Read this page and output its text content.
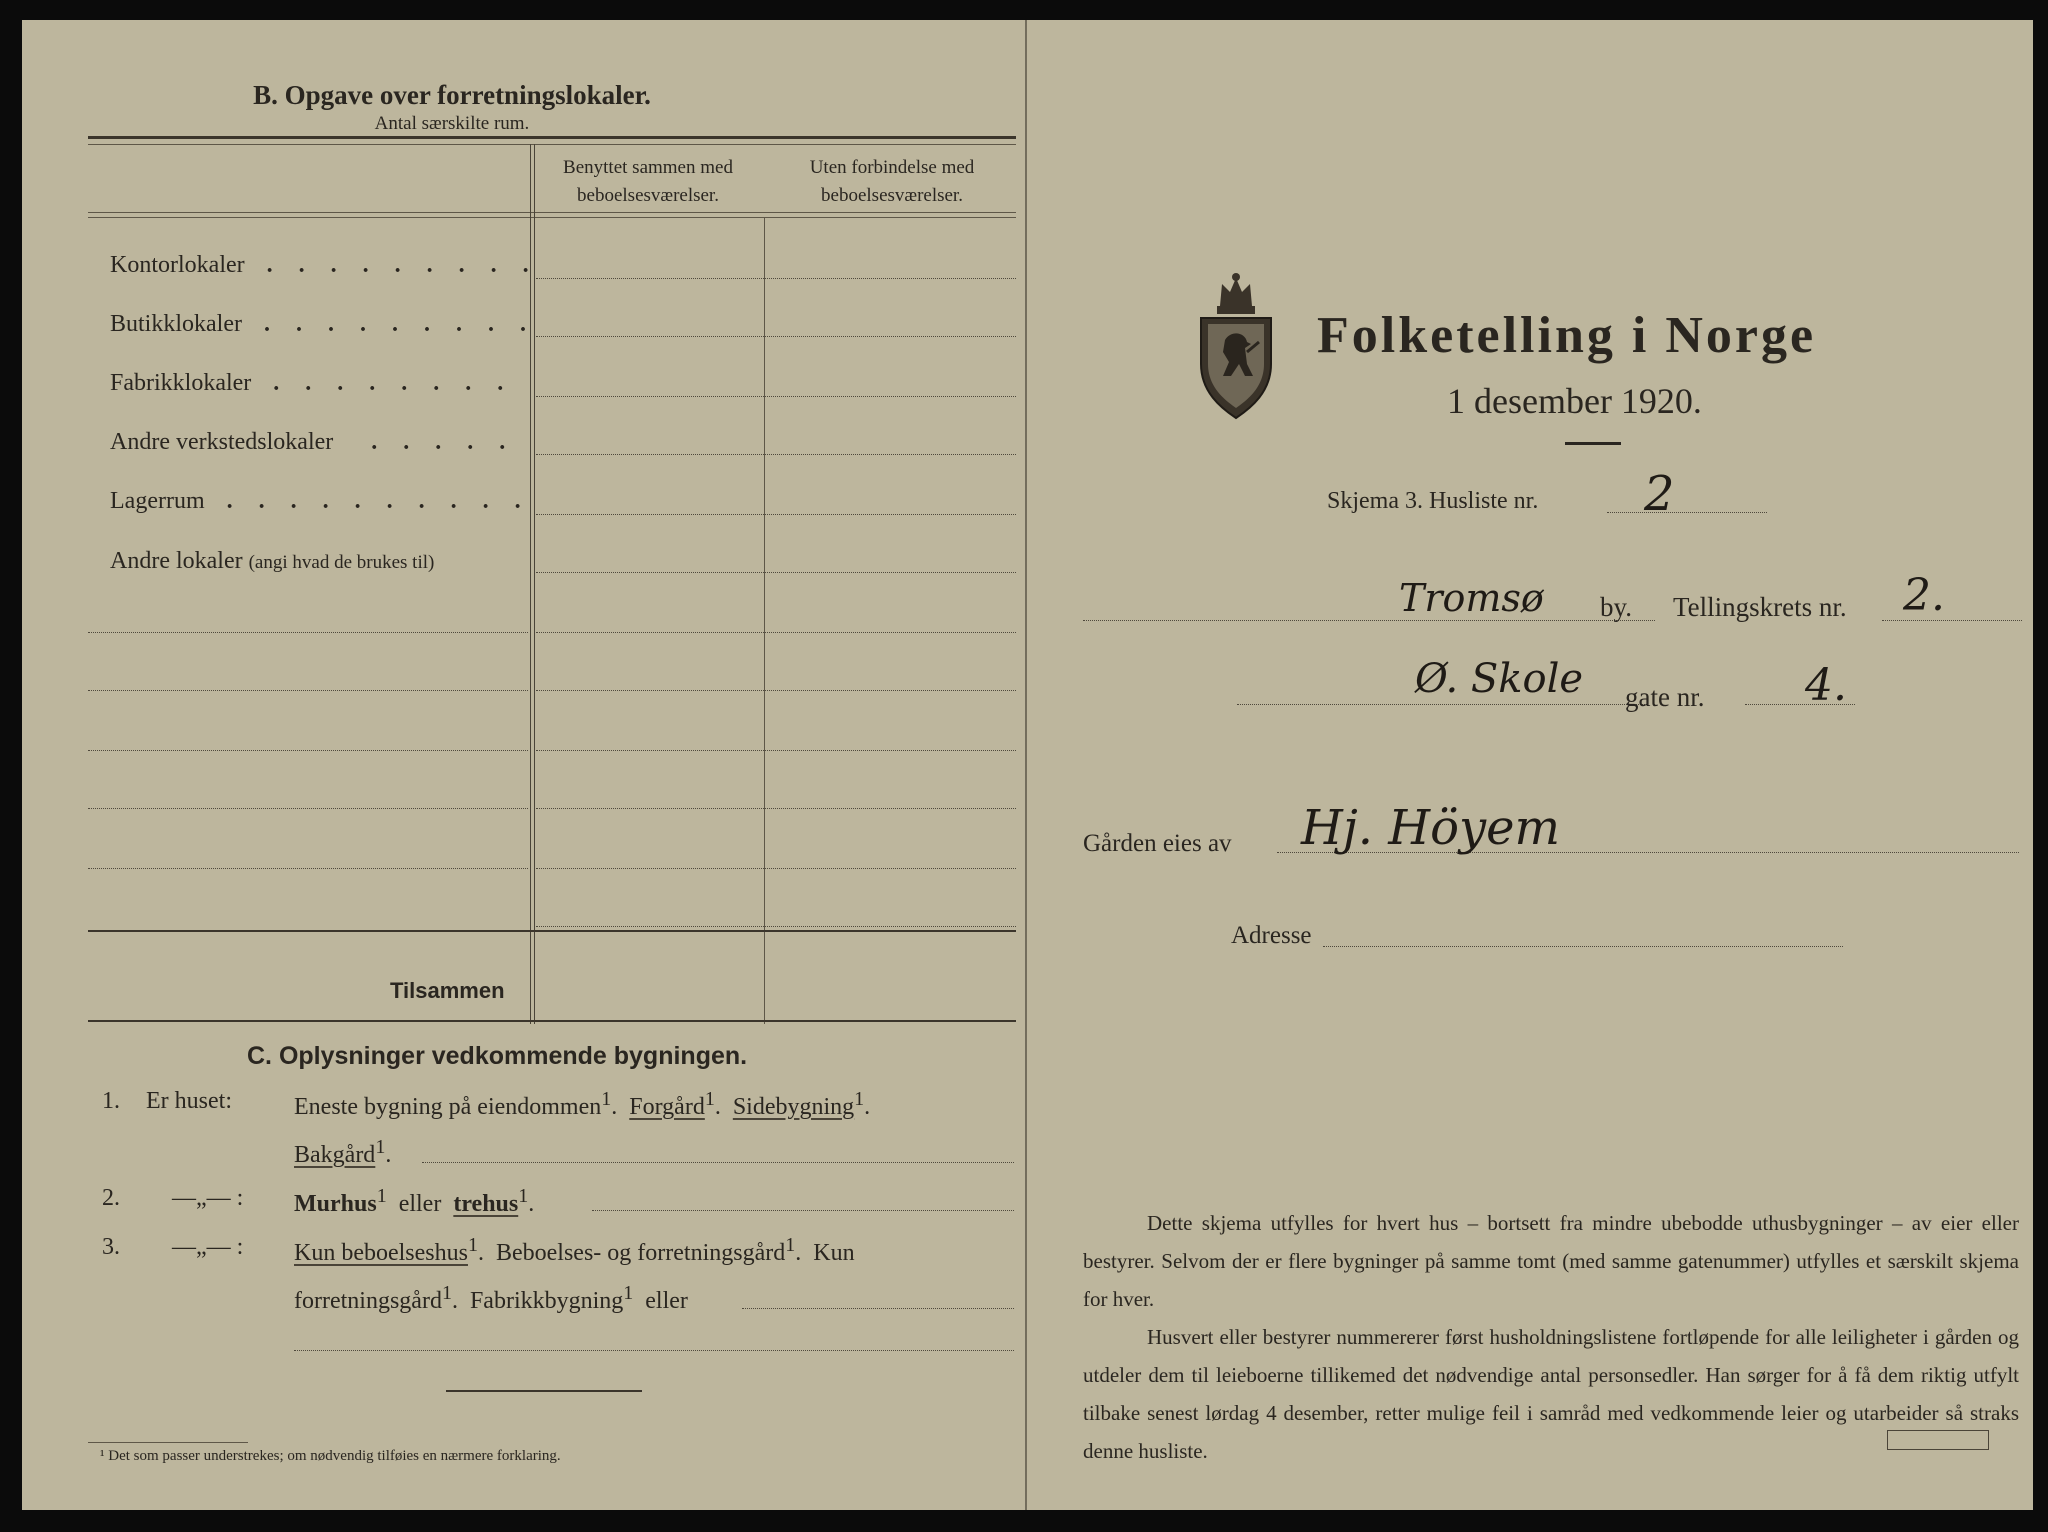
B. Opgave over forretningslokaler.
Antal særskilte rum.
Benyttet sammen med
beboelsesværelser.
Uten forbindelse med
beboelsesværelser.
Kontorlokaler  . . . . . . . . .
Butikklokaler  . . . . . . . . .
Fabrikklokaler  . . . . . . . .
Andre verkstedslokaler   . . . . .
Lagerrum  . . . . . . . . . .
Andre lokaler (angi hvad de brukes til)
Tilsammen
C. Oplysninger vedkommende bygningen.
1. Er huset:	Eneste bygning på eiendommen$^1$.  Forgård$^1$.  Sidebygning$^1$.
Bakgård$^1$.
2. —„— : Murhus$^1$ eller trehus$^1$.
3. —„— : Kun beboelseshus$^1$.  Beboelses- og forretningsgård$^1$.  Kun
forretningsgård$^1$.  Fabrikkbygning$^1$ eller
¹ Det som passer understrekes; om nødvendig tilføies en nærmere forklaring.
Folketelling i Norge
1 desember 1920.
Skjema 3. Husliste nr. 2
Tromsø by. Tellingskrets nr. 2.
Ø. Skole gate nr. 4.
Gården eies av Hj. Höyem
Adresse
Dette skjema utfylles for hvert hus – bortsett fra mindre ubebodde uthusbygninger – av eier eller bestyrer. Selvom der er flere bygninger på samme tomt (med samme gatenummer) utfylles et særskilt skjema for hver.
Husvert eller bestyrer nummererer først husholdningslistene fortløpende for alle leiligheter i gården og utdeler dem til leieboerne tillikemed det nødvendige antal personsedler. Han sørger for å få dem riktig utfylt tilbake senest lørdag 4 desember, retter mulige feil i samråd med vedkommende leier og utarbeider så straks denne husliste.
